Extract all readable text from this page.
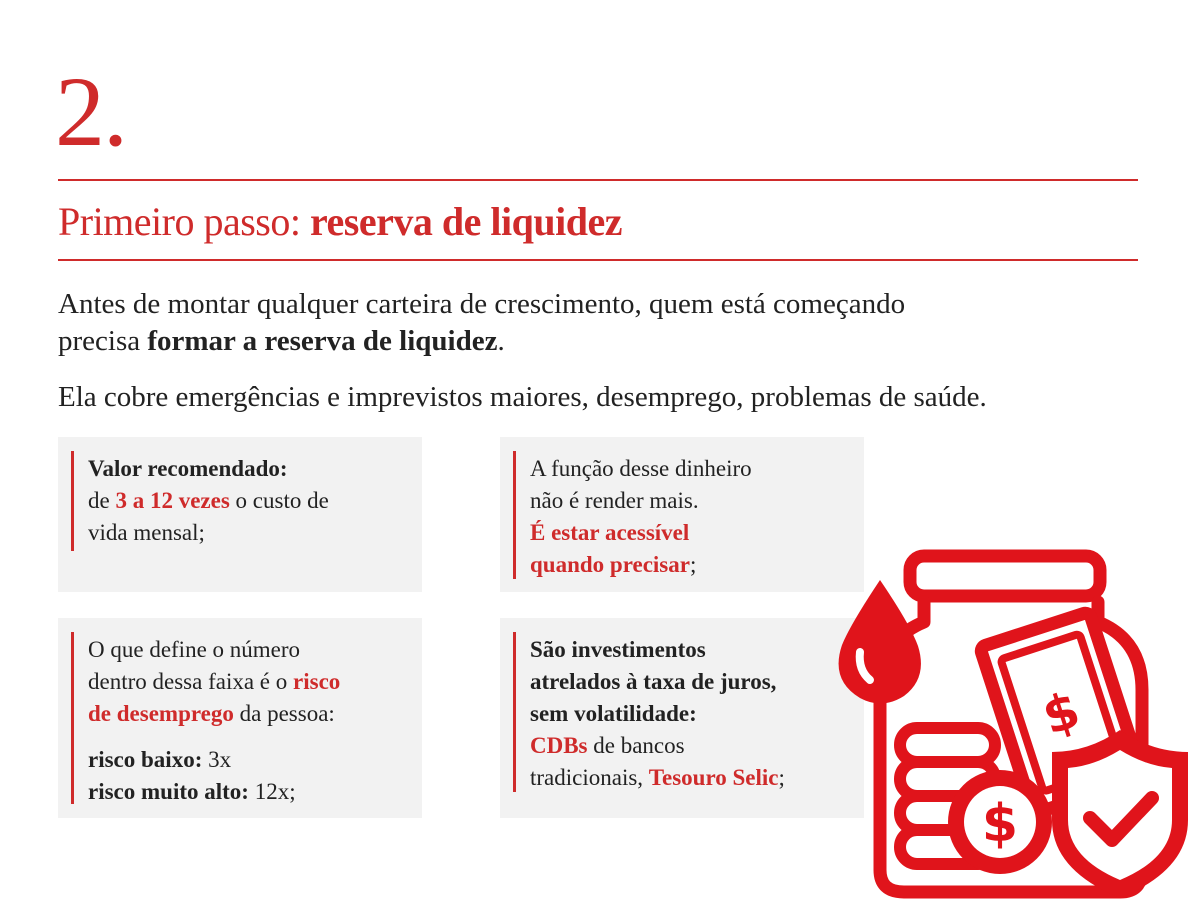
2.
Primeiro passo: reserva de liquidez
Antes de montar qualquer carteira de crescimento, quem está começando
precisa formar a reserva de liquidez.
Ela cobre emergências e imprevistos maiores, desemprego, problemas de saúde.

Valor recomendado:

de 3 a 12 vezes o custo de

vida mensal;

A função desse dinheiro

não é render mais.

É estar acessível

quando precisar;

O que define o número

dentro dessa faixa é o risco

de desemprego da pessoa:

risco baixo: 3x

risco muito alto: 12x;

São investimentos

atrelados à taxa de juros,

sem volatilidade:

CDBs de bancos

tradicionais, Tesouro Selic;

$
$
